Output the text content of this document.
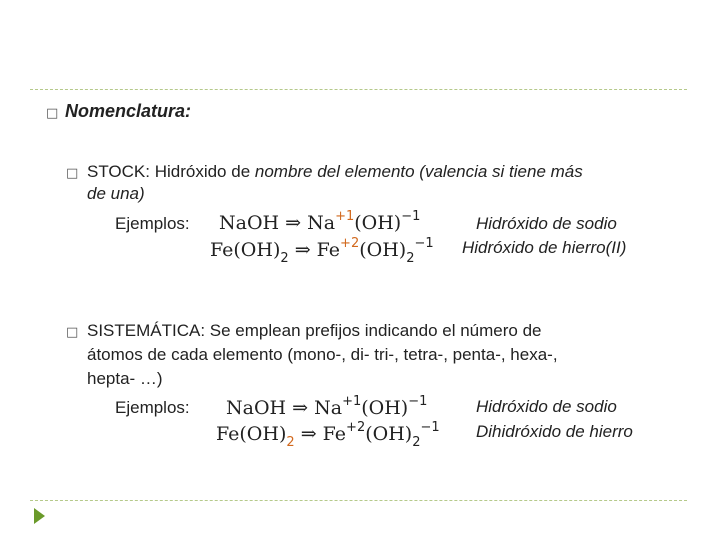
□ Nomenclatura:
□ STOCK: Hidróxido de nombre del elemento (valencia si tiene más
de una)
Ejemplos: NaOH ⇒ $Na^{+1}(OH)^{-1}$	Hidróxido de sodio
$Fe(OH)_2$ ⇒ $Fe^{+2}(OH)_2^{-1}$ Hidróxido de hierro(II)
□ SISTEMÁTICA: Se emplean prefijos indicando el número de
átomos de cada elemento (mono-, di- tri-, tetra-, penta-, hexa-,
hepta- …)
Ejemplos: NaOH ⇒ $Na^{+1}(OH)^{-1}$	Hidróxido de sodio
$Fe(OH)_2$ ⇒ $Fe^{+2}(OH)_2^{-1}$ Dihidróxido de hierro
